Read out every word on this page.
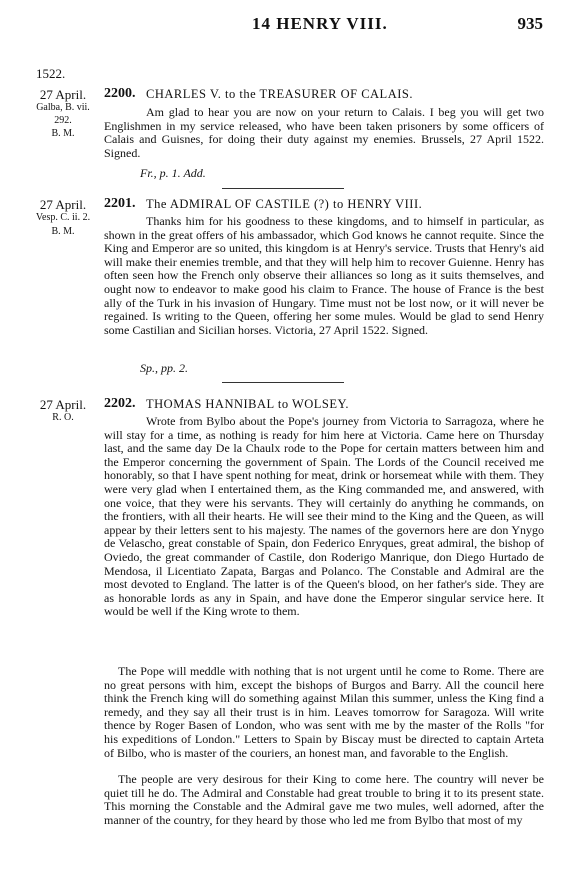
14 HENRY VIII.	935
1522.
27 April.
Galba, B. vii.
292.
B. M.
2200. CHARLES V. to the TREASURER OF CALAIS.

Am glad to hear you are now on your return to Calais. I beg you will get two Englishmen in my service released, who have been taken prisoners by some officers of Calais and Guisnes, for doing their duty against my enemies. Brussels, 27 April 1522. Signed.

Fr., p. 1. Add.
27 April.
Vesp. C. ii. 2.
B. M.
2201. The ADMIRAL OF CASTILE (?) to HENRY VIII.

Thanks him for his goodness to these kingdoms, and to himself in particular, as shown in the great offers of his ambassador, which God knows he cannot requite. Since the King and Emperor are so united, this kingdom is at Henry's service. Trusts that Henry's aid will make their enemies tremble, and that they will help him to recover Guienne. Henry has often seen how the French only observe their alliances so long as it suits themselves, and ought now to endeavor to make good his claim to France. The house of France is the best ally of the Turk in his invasion of Hungary. Time must not be lost now, or it will never be regained. Is writing to the Queen, offering her some mules. Would be glad to send Henry some Castilian and Sicilian horses. Victoria, 27 April 1522. Signed.

Sp., pp. 2.
27 April.
R. O.
2202. THOMAS HANNIBAL to WOLSEY.

Wrote from Bylbo about the Pope's journey from Victoria to Sarragoza, where he will stay for a time, as nothing is ready for him here at Victoria. Came here on Thursday last, and the same day De la Chaulx rode to the Pope for certain matters between him and the Emperor concerning the government of Spain. The Lords of the Council received me honorably, so that I have spent nothing for meat, drink or horsemeat while with them. They were very glad when I entertained them, as the King commanded me, and answered, with one voice, that they were his servants. They will certainly do anything he commands, on the frontiers, with all their hearts. He will see their mind to the King and the Queen, as will appear by their letters sent to his majesty. The names of the governors here are don Ynygo de Velascho, great constable of Spain, don Federico Enryques, great admiral, the bishop of Oviedo, the great commander of Castile, don Roderigo Manrique, don Diego Hurtado de Mendosa, il Licentiato Zapata, Bargas and Polanco. The Constable and Admiral are the most devoted to England. The latter is of the Queen's blood, on her father's side. They are as honorable lords as any in Spain, and have done the Emperor singular service here. It would be well if the King wrote to them.

The Pope will meddle with nothing that is not urgent until he come to Rome. There are no great persons with him, except the bishops of Burgos and Barry. All the council here think the French king will do something against Milan this summer, unless the King find a remedy, and they say all their trust is in him. Leaves tomorrow for Saragoza. Will write thence by Roger Basen of London, who was sent with me by the master of the Rolls "for his expeditions of London." Letters to Spain by Biscay must be directed to captain Arteta of Bilbo, who is master of the couriers, an honest man, and favorable to the English.

The people are very desirous for their King to come here. The country will never be quiet till he do. The Admiral and Constable had great trouble to bring it to its present state. This morning the Constable and the Admiral gave me two mules, well adorned, after the manner of the country, for they heard by those who led me from Bylbo that most of my
